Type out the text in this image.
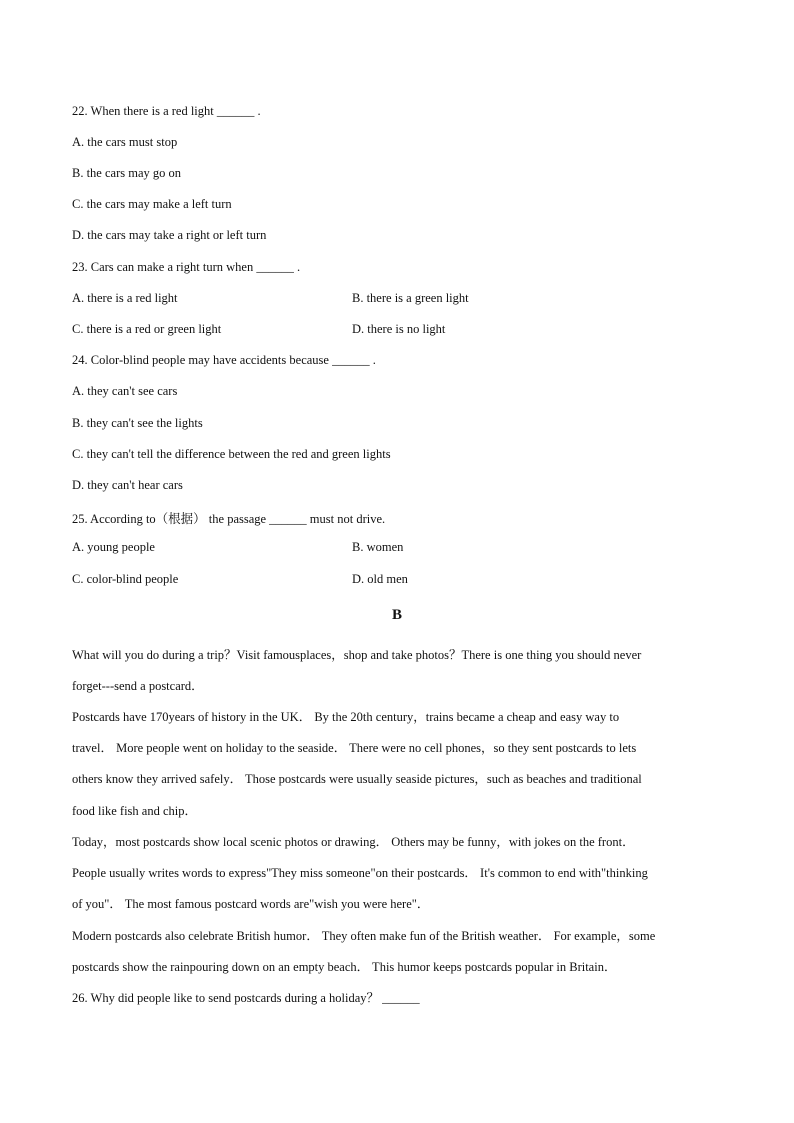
22. When there is a red light ______ .
A. the cars must stop
B. the cars may go on
C. the cars may make a left turn
D. the cars may take a right or left turn
23. Cars can make a right turn when ______ .
A. there is a red light	B. there is a green light
C. there is a red or green light	D. there is no light
24. Color-blind people may have accidents because ______ .
A. they can't see cars
B. they can't see the lights
C. they can't tell the difference between the red and green lights
D. they can't hear cars
25. According to（根据） the passage ______ must not drive.
A. young people	B. women
C. color-blind people	D. old men
B
What will you do during a trip？Visit famousplaces，shop and take photos？There is one thing you should never
forget---send a postcard．
Postcards have 170years of history in the UK． By the 20th century，trains became a cheap and easy way to
travel． More people went on holiday to the seaside． There were no cell phones，so they sent postcards to lets
others know they arrived safely． Those postcards were usually seaside pictures，such as beaches and traditional
food like fish and chip．
Today，most postcards show local scenic photos or drawing． Others may be funny，with jokes on the front．
People usually writes words to express"They miss someone"on their postcards． It's common to end with"thinking
of you"． The most famous postcard words are"wish you were here"．
Modern postcards also celebrate British humor． They often make fun of the British weather． For example，some
postcards show the rainpouring down on an empty beach． This humor keeps postcards popular in Britain．
26. Why did people like to send postcards during a holiday？ ______
